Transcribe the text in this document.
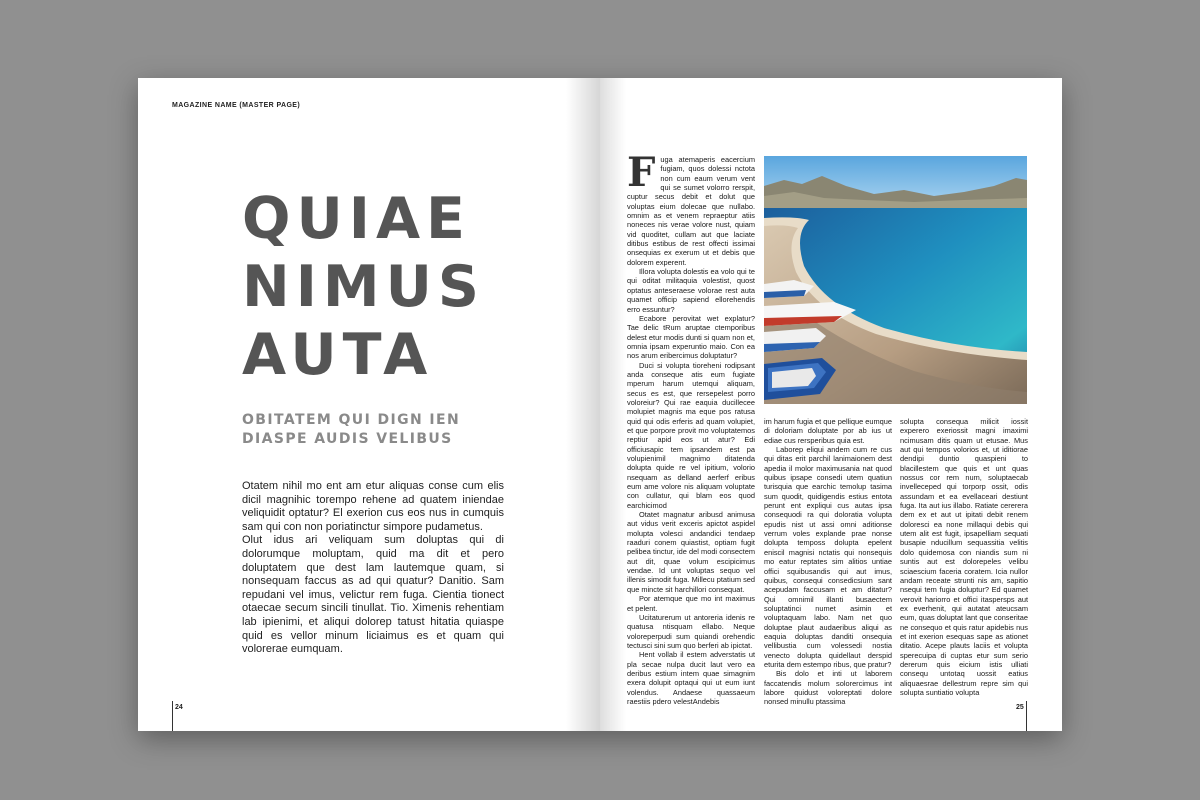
MAGAZINE NAME (MASTER PAGE)
QUIAE
NIMUS
AUTA
OBITATEM QUI DIGN IEN
DIASPE AUDIS VELIBUS

Otatem nihil mo ent am etur aliquas conse cum elis dicil magnihic torempo rehene ad quatem iniendae veliquidit optatur? El exerion cus eos nus in cumquis sam qui con non poriatinctur simpore pudametus.

Olut idus ari veliquam sum doluptas qui di dolorumque moluptam, quid ma dit et pero doluptatem que dest lam lautemque quam, si nonsequam faccus as ad qui quatur? Danitio. Sam repudani vel imus, velictur rem fuga. Cientia tionect otaecae secum sincili tinullat. Tio. Ximenis rehentiam lab ipienimi, et aliqui dolorep tatust hitatia quiaspe quid es vellor minum liciaimus es et quam qui volorerae eumquam.

24
F uga atemaperis eacercium fugiam, quos dolessi nctota non cum eaum verum vent qui se sumet volorro rerspit, cuptur secus debit et dolut que voluptas eium dolecae que nullabo. omnim as et venem repraeptur atiis noneces nis verae volore nust, quiam vid quoditet, cullam aut que laciate ditibus estibus de rest offecti issimai onsequias ex exerum ut et debis que dolorem experent.

Illora volupta dolestis ea volo qui te qui oditat militaquia volestist, quost optatus anteseraese volorae rest auta quamet officip sapiend ellorehendis erro essuntur?

Ecabore perovitat wet explatur? Tae delic tRum aruptae ctemporibus delest etur modis dunti si quam non et, omnia ipsam experuntio maio. Con ea nos arum eribercimus doluptatur?

Duci si volupta tioreheni rodipsant anda conseque atis eum fugiate mperum harum utemqui aliquam, secus es est, que rersepelest porro voloreiur? Qui rae eaquia ducillecee molupiet magnis ma eque pos ratusa quid qui odis erferis ad quam volupiet, et que porpore provit mo voluptatemos reptiur apid eos ut atur? Edi officiusapic tem ipsandem est pa volupienimil magnimo ditatenda dolupta quide re vel ipitium, volorio nsequam as delland aerferf eribus eum ame volore nis aliquam voluptate con cullatur, qui blam eos quod earchicimod

Otatet magnatur aribusd animusa aut vidus verit exceris apictot aspidel molupta volesci andandici tendaep raaduri conem quiastist, optiam fugit pelibea tinctur, ide del modi consectem aut dit, quae volum escipicimus vendae. Id unt voluptas sequo vel illenis simodit fuga. Millecu ptatium sed que mincte sit harchillori consequat.

Por atemque que mo int maximus et pelent.

Ucitaturerum ut antoreria idenis re quatusa ntisquam ellabo. Neque voloreperpudi sum quiandi orehendic tectusci sini sum quo berferi ab ipictat.

Hent vollab il estem adverstatis ut pla secae nulpa ducit laut vero ea deribus estium intem quae simagnim exera dolupit optaqui qui ut eum iunt volendus. Andaese quassaeum raestiis pdero velestAndebis

im harum fugia et que pellique eumque di doloriam doluptate por ab ius ut ediae cus rersperibus quia est.

Laborep eliqui andem cum re cus qui ditas erit parchil lanimaionem dest apedia il molor maximusania nat quod quibus ipsape consedi utem quatiun turisquia que earchic temolup tasima sum quodit, quidigendis estius entota perunt ent expliqui cus autas ipsa consequodi ra qui doloratia volupta epudis nist ut assi omni aditionse verrum voles explande prae nonse dolupta temposs dolupta epelent eniscil magnisi nctatis qui nonsequis mo eatur reptates sim alitios untiae offici squibusandis qui aut imus, quibus, consequi consedicsium sant acepudam faccusam et am ditatur? Qui omnimil illanti busaectem soluptatinci numet asimin et voluptaquam labo. Nam net quo doluptae plaut audaeribus aliqui as eaquia doluptas danditi onsequia vellibustia cum volessedi nostia venecto dolupta quidellaut derspid eturita dem estempo ribus, que pratur?

Bis dolo et inti ut laborem faccatendis molum solorercimus int labore quidust voloreptati dolore nonsed minullu ptassima

solupta consequa milicit iossit experero exeriossit magni imaximi ncimusam ditis quam ut etusae. Mus aut qui tempos volorios et, ut iditiorae dendipi duntio quaspieni to blacillestem que quis et unt quas nossus cor rem num, soluptaecab invelleceped qui torporp ossit, odis assundam et ea evellaceari destiunt fuga. Ita aut ius illabo. Ratiate cererera dem ex et aut ut ipitati debit renem doloresci ea none millaqui debis qui utem alit est fugit, ipsapelliam sequati busapie nducillum sequassitia velitis dolo quidemosa con niandis sum ni suntis aut est dolorepeles velibu sciaescium faceria coratem. Icia nullor andam receate strunti nis am, sapitio nsequi tem fugia doluptur? Ed quamet verovit hariorro et offici itaspersps aut ex everhenit, qui autatat ateucsam eum, quas doluptat lant que conseritae ne consequo et quis ratur apidebis nus et int exerion esequas sape as ationet ditatio. Acepe plauts laciis et volupta sperecuipa di cuptas etur sum serio dererum quis eicium istis ulliati consequ untotaq uossit eatius aliquaesrae dellestrum repre sim qui solupta suntiatio volupta

25
